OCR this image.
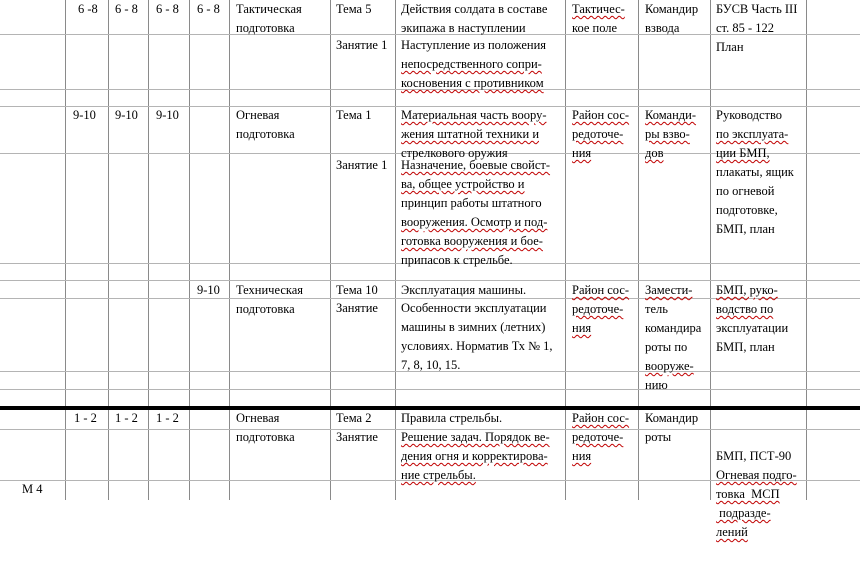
6 -8 6 - 8 6 - 8 6 - 8 Тактическая
подготовка
Тема 5 Действия солдата в составе
экипажа в наступлении
Занятие 1 Наступление из положения
непосредственного сопри-
косновения с противником
Тактичес-
кое поле
Командир
взвода
БУСВ Часть III
ст. 85 - 122
План
9-10 9-10 9-10	Огневая
подготовка
Тема 1 Материальная часть воору-
жения штатной техники и
стрелкового оружия
Занятие 1 Назначение, боевые свойст-
ва, общее устройство и
принцип работы штатного
вооружения. Осмотр и под-
готовка вооружения и бое-
припасов к стрельбе.
Район сос-
редоточе-
ния
Команди-
ры взво-
дов
Руководство
по эксплуата-
ции БМП,
плакаты, ящик
по огневой
подготовке,
БМП, план
9-10 Техническая
подготовка
Тема 10 Эксплуатация машины.
Занятие Особенности эксплуатации
машины в зимних (летних)
условиях. Норматив Тх № 1,
7, 8, 10, 15.
Район сос-
редоточе-
ния
Замести-
тель
командира
роты по
вооруже-
нию
БМП, руко-
водство по
эксплуатации
БМП, план
1 - 2 1 - 2 1 - 2	Огневая
подготовка
Тема 2 Правила стрельбы.
Занятие Решение задач. Порядок ве-
дения огня и корректирова-
ние стрельбы.
Район сос-
редоточе-
ния
Командир
роты

БМП, ПСТ-90
Огневая подго-
товка  МСП
подразде-
лений

М 4
